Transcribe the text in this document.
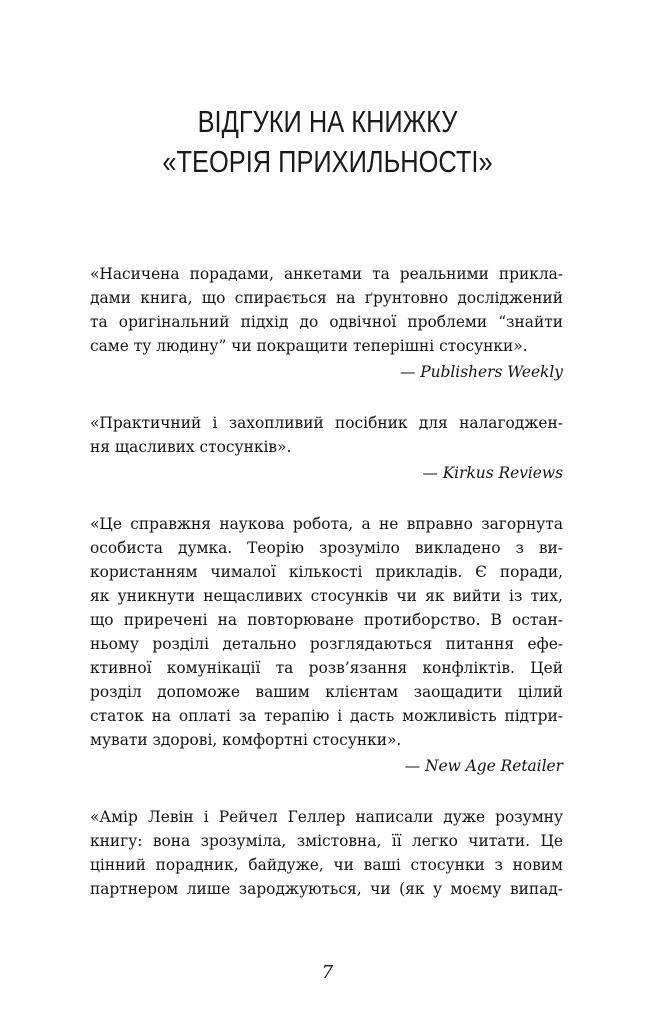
ВІДГУКИ НА КНИЖКУ
«ТЕОРІЯ ПРИХИЛЬНОСТІ»
«Насичена порадами, анкетами та реальними прикла-
дами книга, що спирається на ґрунтовно досліджений
та оригінальний підхід до одвічної проблеми “знайти
саме ту людину” чи покращити теперішні стосунки».
— Publishers Weekly
«Практичний і захопливий посібник для налагоджен-
ня щасливих стосунків».
— Kirkus Reviews
«Це справжня наукова робота, а не вправно загорнута
особиста думка. Теорію зрозуміло викладено з ви-
користанням чималої кількості прикладів. Є поради,
як уникнути нещасливих стосунків чи як вийти із тих,
що приречені на повторюване протиборство. В остан-
ньому розділі детально розглядаються питання ефе-
ктивної комунікації та розв’язання конфліктів. Цей
розділ допоможе вашим клієнтам заощадити цілий
статок на оплаті за терапію і дасть можливість підтри-
мувати здорові, комфортні стосунки».
— New Age Retailer
«Амір Левін і Рейчел Геллер написали дуже розумну
книгу: вона зрозуміла, змістовна, її легко читати. Це
цінний порадник, байдуже, чи ваші стосунки з новим
партнером лише зароджуються, чи (як у моєму випад-
7
